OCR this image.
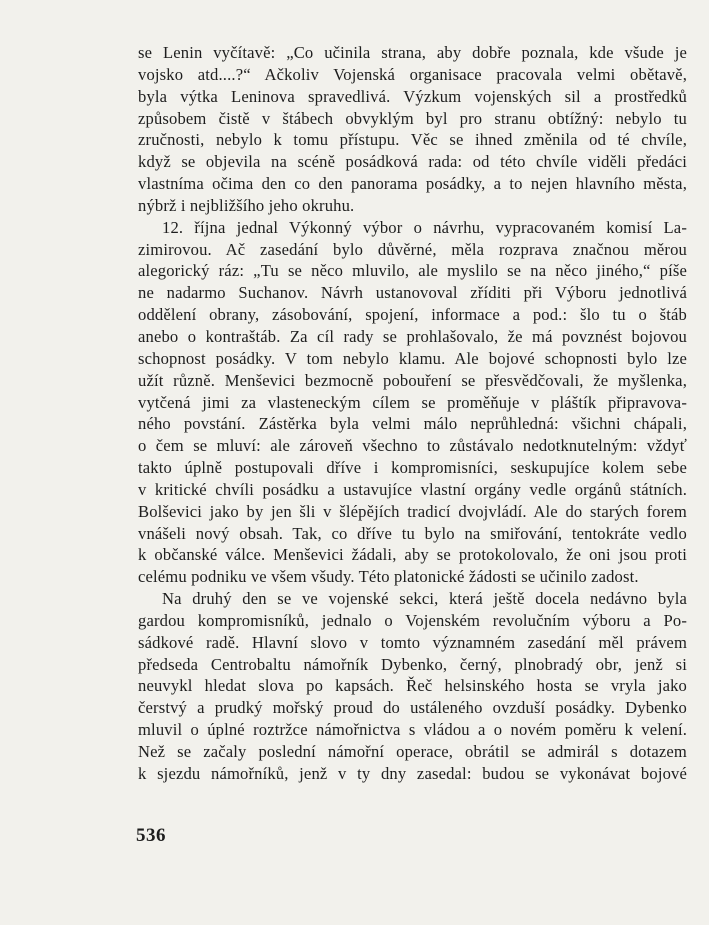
se Lenin vyčítavě: „Co učinila strana, aby dobře poznala, kde všude je
vojsko atd....?“ Ačkoliv Vojenská organisace pracovala velmi obětavě,
byla výtka Leninova spravedlivá. Výzkum vojenských sil a prostředků
způsobem čistě v štábech obvyklým byl pro stranu obtížný: nebylo tu
zručnosti, nebylo k tomu přístupu. Věc se ihned změnila od té chvíle,
když se objevila na scéně posádková rada: od této chvíle viděli předáci
vlastníma očima den co den panorama posádky, a to nejen hlavního města,
nýbrž i nejbližšího jeho okruhu.
12. října jednal Výkonný výbor o návrhu, vypracovaném komisí La-
zimirovou. Ač zasedání bylo důvěrné, měla rozprava značnou měrou
alegorický ráz: „Tu se něco mluvilo, ale myslilo se na něco jiného,“ píše
ne nadarmo Suchanov. Návrh ustanovoval zříditi při Výboru jednotlivá
oddělení obrany, zásobování, spojení, informace a pod.: šlo tu o štáb
anebo o kontraštáb. Za cíl rady se prohlašovalo, že má povznést bojovou
schopnost posádky. V tom nebylo klamu. Ale bojové schopnosti bylo lze
užít různě. Menševici bezmocně pobouření se přesvědčovali, že myšlenka,
vytčená jimi za vlasteneckým cílem se proměňuje v pláštík připravova-
ného povstání. Zástěrka byla velmi málo neprůhledná: všichni chápali,
o čem se mluví: ale zároveň všechno to zůstávalo nedotknutelným: vždyť
takto úplně postupovali dříve i kompromisníci, seskupujíce kolem sebe
v kritické chvíli posádku a ustavujíce vlastní orgány vedle orgánů státních.
Bolševici jako by jen šli v šlépějích tradicí dvojvládí. Ale do starých forem
vnášeli nový obsah. Tak, co dříve tu bylo na smiřování, tentokráte vedlo
k občanské válce. Menševici žádali, aby se protokolovalo, že oni jsou proti
celému podniku ve všem všudy. Této platonické žádosti se učinilo zadost.
Na druhý den se ve vojenské sekci, která ještě docela nedávno byla
gardou kompromisníků, jednalo o Vojenském revolučním výboru a Po-
sádkové radě. Hlavní slovo v tomto významném zasedání měl právem
předseda Centrobaltu námořník Dybenko, černý, plnobradý obr, jenž si
neuvykl hledat slova po kapsách. Řeč helsinského hosta se vryla jako
čerstvý a prudký mořský proud do ustáleného ovzduší posádky. Dybenko
mluvil o úplné roztržce námořnictva s vládou a o novém poměru k velení.
Než se začaly poslední námořní operace, obrátil se admirál s dotazem
k sjezdu námořníků, jenž v ty dny zasedal: budou se vykonávat bojové
536
